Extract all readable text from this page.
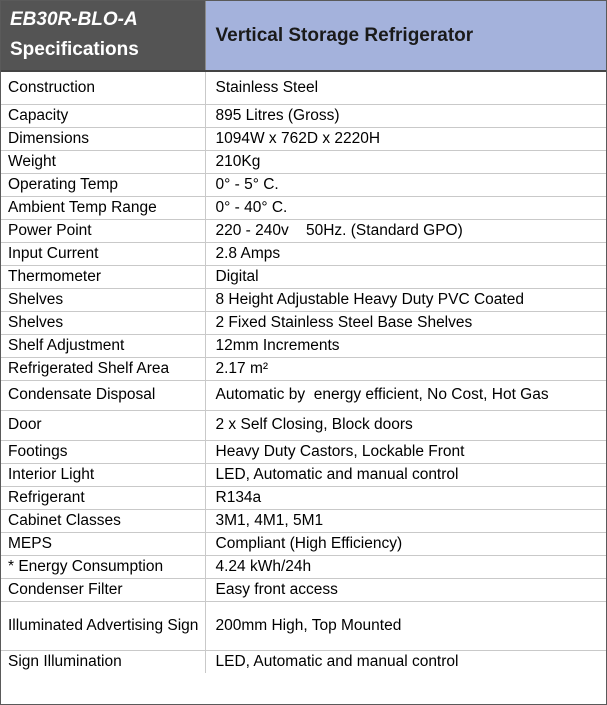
EB30R-BLO-A
Specifications	Vertical Storage Refrigerator
Construction	Stainless Steel
Capacity	895 Litres (Gross)
Dimensions	1094W x 762D x 2220H
Weight	210Kg
Operating Temp	0° - 5° C.
Ambient Temp Range	0° - 40° C.
Power Point	220 - 240v    50Hz. (Standard GPO)
Input Current	2.8 Amps
Thermometer	Digital
Shelves	8 Height Adjustable Heavy Duty PVC Coated
Shelves	2 Fixed Stainless Steel Base Shelves
Shelf Adjustment	12mm Increments
Refrigerated Shelf Area	2.17 m²
Condensate Disposal	Automatic by  energy efficient, No Cost, Hot Gas
Door	2 x Self Closing, Block doors
Footings	Heavy Duty Castors, Lockable Front
Interior Light	LED, Automatic and manual control
Refrigerant	R134a
Cabinet Classes	3M1, 4M1, 5M1
MEPS	Compliant (High Efficiency)
* Energy Consumption	4.24 kWh/24h
Condenser Filter	Easy front access
Illuminated Advertising Sign	200mm High, Top Mounted
Sign Illumination	LED, Automatic and manual control
